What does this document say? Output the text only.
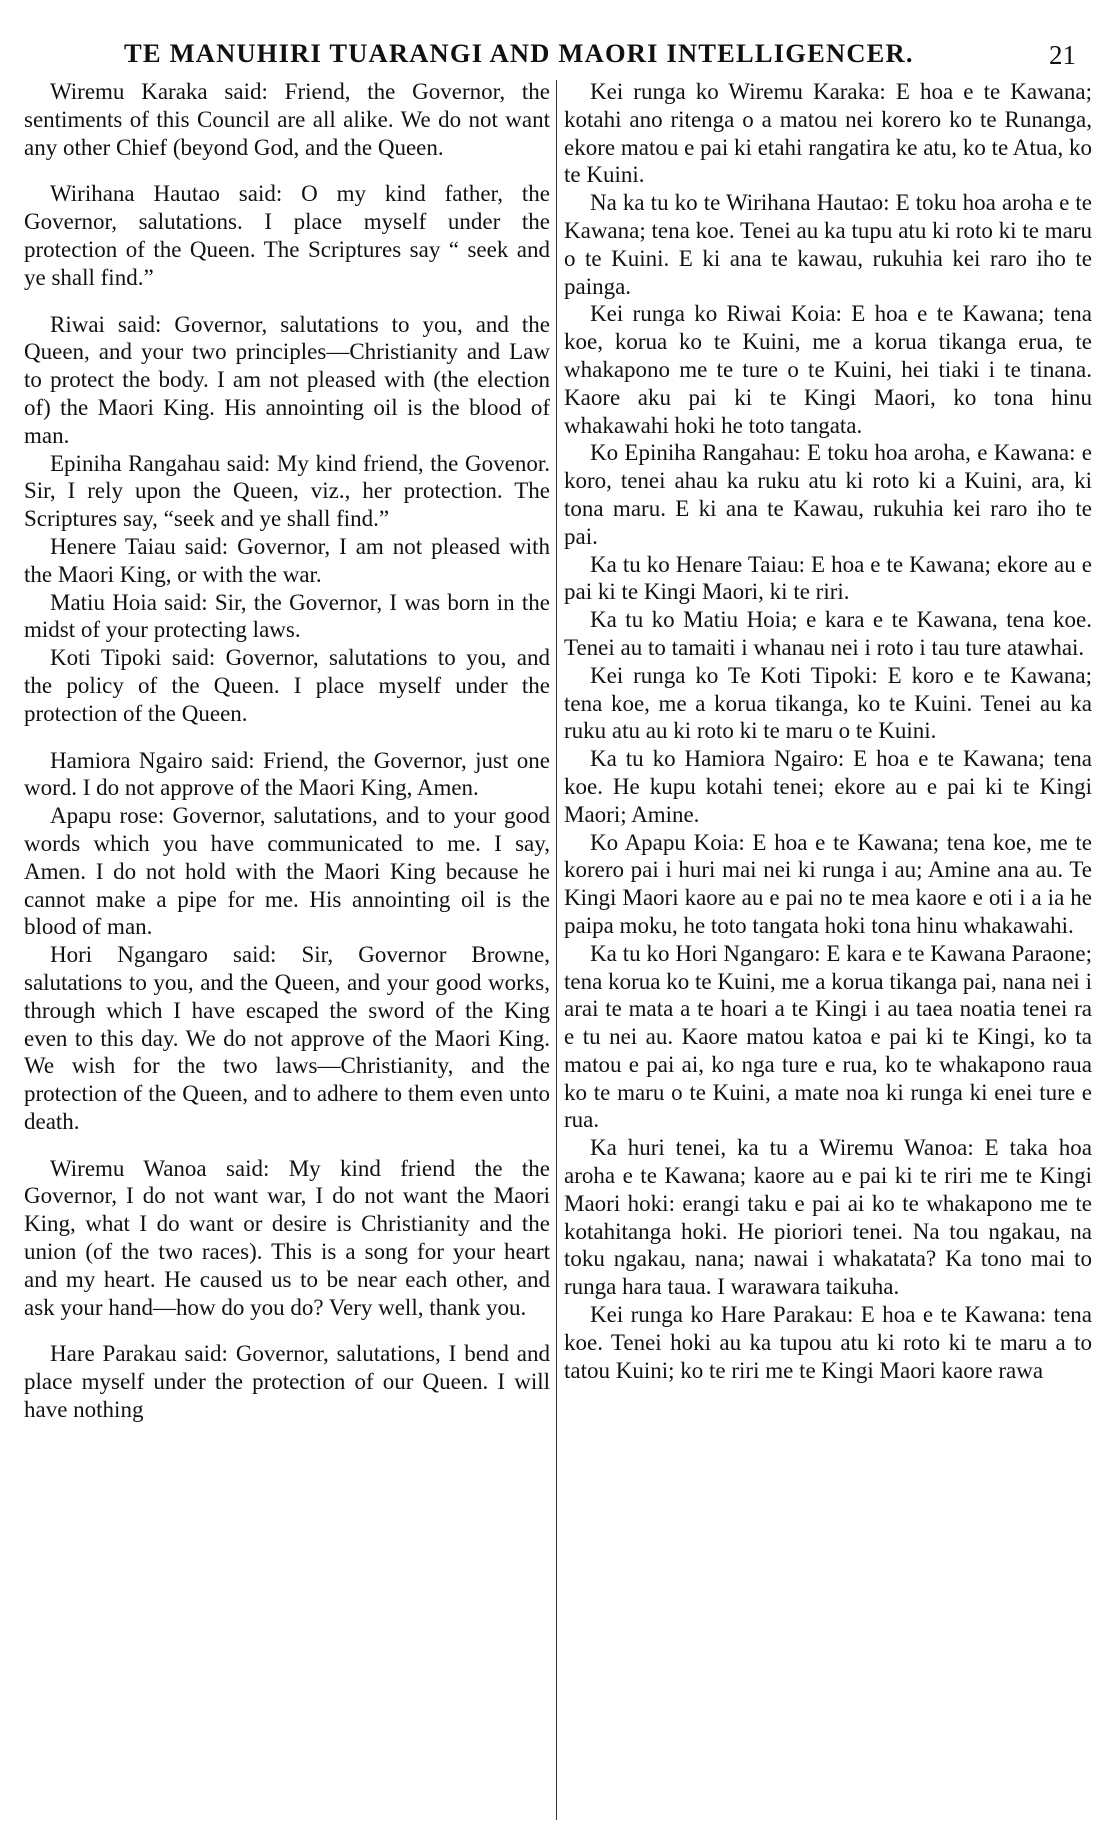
TE MANUHIRI TUARANGI AND MAORI INTELLIGENCER.	21

Wiremu Karaka said: Friend, the Governor, the sentiments of this Council are all alike. We do not want any other Chief (beyond God, and the Queen.

Wirihana Hautao said: O my kind father, the Governor, salutations. I place myself under the protection of the Queen. The Scriptures say “ seek and ye shall find.”

Riwai said: Governor, salutations to you, and the Queen, and your two principles—Christianity and Law to protect the body. I am not pleased with (the election of) the Maori King. His annointing oil is the blood of man.

Epiniha Rangahau said: My kind friend, the Govenor. Sir, I rely upon the Queen, viz., her protection. The Scriptures say, “seek and ye shall find.”

Henere Taiau said: Governor, I am not pleased with the Maori King, or with the war.

Matiu Hoia said: Sir, the Governor, I was born in the midst of your protecting laws.

Koti Tipoki said: Governor, salutations to you, and the policy of the Queen. I place myself under the protection of the Queen.

Hamiora Ngairo said: Friend, the Governor, just one word. I do not approve of the Maori King, Amen.

Apapu rose: Governor, salutations, and to your good words which you have communicated to me. I say, Amen. I do not hold with the Maori King because he cannot make a pipe for me. His annointing oil is the blood of man.

Hori Ngangaro said: Sir, Governor Browne, salutations to you, and the Queen, and your good works, through which I have escaped the sword of the King even to this day. We do not approve of the Maori King. We wish for the two laws—Christianity, and the protection of the Queen, and to adhere to them even unto death.

Wiremu Wanoa said: My kind friend the the Governor, I do not want war, I do not want the Maori King, what I do want or desire is Christianity and the union (of the two races). This is a song for your heart and my heart. He caused us to be near each other, and ask your hand—how do you do? Very well, thank you.

Hare Parakau said: Governor, salutations, I bend and place myself under the protection of our Queen. I will have nothing

Kei runga ko Wiremu Karaka: E hoa e te Kawana; kotahi ano ritenga o a matou nei korero ko te Runanga, ekore matou e pai ki etahi rangatira ke atu, ko te Atua, ko te Kuini.

Na ka tu ko te Wirihana Hautao: E toku hoa aroha e te Kawana; tena koe. Tenei au ka tupu atu ki roto ki te maru o te Kuini. E ki ana te kawau, rukuhia kei raro iho te painga.

Kei runga ko Riwai Koia: E hoa e te Kawana; tena koe, korua ko te Kuini, me a korua tikanga erua, te whakapono me te ture o te Kuini, hei tiaki i te tinana. Kaore aku pai ki te Kingi Maori, ko tona hinu whakawahi hoki he toto tangata.

Ko Epiniha Rangahau: E toku hoa aroha, e Kawana: e koro, tenei ahau ka ruku atu ki roto ki a Kuini, ara, ki tona maru. E ki ana te Kawau, rukuhia kei raro iho te pai.

Ka tu ko Henare Taiau: E hoa e te Kawana; ekore au e pai ki te Kingi Maori, ki te riri.

Ka tu ko Matiu Hoia; e kara e te Kawana, tena koe. Tenei au to tamaiti i whanau nei i roto i tau ture atawhai.

Kei runga ko Te Koti Tipoki: E koro e te Kawana; tena koe, me a korua tikanga, ko te Kuini. Tenei au ka ruku atu au ki roto ki te maru o te Kuini.

Ka tu ko Hamiora Ngairo: E hoa e te Kawana; tena koe. He kupu kotahi tenei; ekore au e pai ki te Kingi Maori; Amine.

Ko Apapu Koia: E hoa e te Kawana; tena koe, me te korero pai i huri mai nei ki runga i au; Amine ana au. Te Kingi Maori kaore au e pai no te mea kaore e oti i a ia he paipa moku, he toto tangata hoki tona hinu whakawahi.

Ka tu ko Hori Ngangaro: E kara e te Kawana Paraone; tena korua ko te Kuini, me a korua tikanga pai, nana nei i arai te mata a te hoari a te Kingi i au taea noatia tenei ra e tu nei au. Kaore matou katoa e pai ki te Kingi, ko ta matou e pai ai, ko nga ture e rua, ko te whakapono raua ko te maru o te Kuini, a mate noa ki runga ki enei ture e rua.

Ka huri tenei, ka tu a Wiremu Wanoa: E taka hoa aroha e te Kawana; kaore au e pai ki te riri me te Kingi Maori hoki: erangi taku e pai ai ko te whakapono me te kotahitanga hoki. He pioriori tenei. Na tou ngakau, na toku ngakau, nana; nawai i whakatata? Ka tono mai to runga hara taua. I warawara taikuha.

Kei runga ko Hare Parakau: E hoa e te Kawana: tena koe. Tenei hoki au ka tupou atu ki roto ki te maru a to tatou Kuini; ko te riri me te Kingi Maori kaore rawa
